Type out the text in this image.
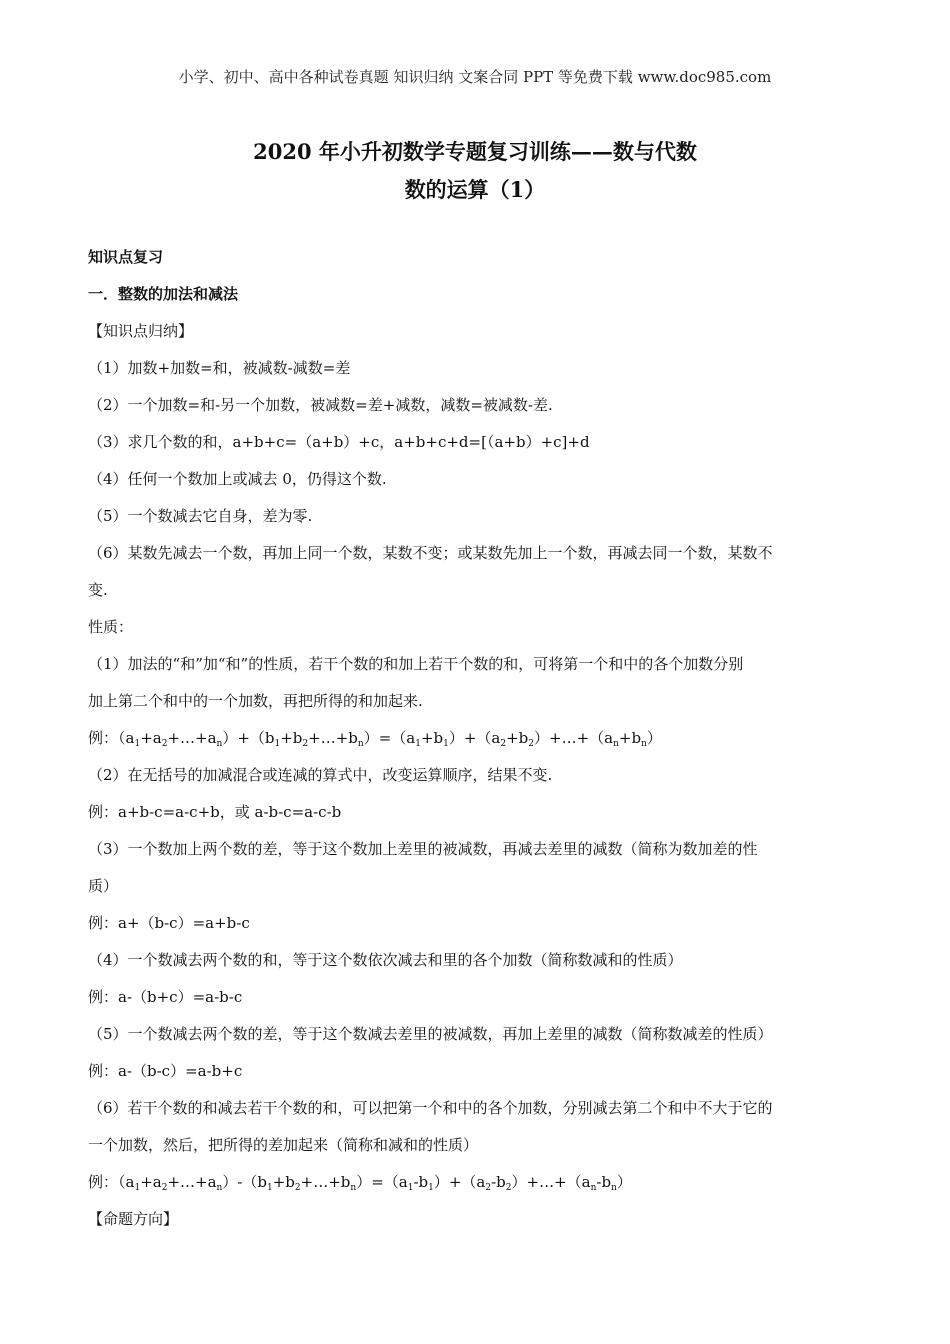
小学、初中、高中各种试卷真题 知识归纳 文案合同 PPT 等免费下载 www.doc985.com
2020 年小升初数学专题复习训练——数与代数
数的运算（1）
知识点复习
一．整数的加法和减法
【知识点归纳】
（1）加数+加数=和，被减数-减数=差
（2）一个加数=和-另一个加数，被减数=差+减数，减数=被减数-差.
（3）求几个数的和，a+b+c=（a+b）+c，a+b+c+d=[（a+b）+c]+d
（4）任何一个数加上或减去 0，仍得这个数.
（5）一个数减去它自身，差为零.
（6）某数先减去一个数，再加上同一个数，某数不变；或某数先加上一个数，再减去同一个数，某数不
变.
性质：
（1）加法的“和”加“和”的性质，若干个数的和加上若干个数的和，可将第一个和中的各个加数分别
加上第二个和中的一个加数，再把所得的和加起来.
例：$(a_1+a_2+\dots+a_n)+(b_1+b_2+\dots+b_n)=(a_1+b_1)+(a_2+b_2)+\dots+(a_n+b_n)$
（2）在无括号的加减混合或连减的算式中，改变运算顺序，结果不变.
例：a+b-c=a-c+b，或 a-b-c=a-c-b
（3）一个数加上两个数的差，等于这个数加上差里的被减数，再减去差里的减数（简称为数加差的性
质）
例：a+（b-c）=a+b-c
（4）一个数减去两个数的和，等于这个数依次减去和里的各个加数（简称数减和的性质）
例：a-（b+c）=a-b-c
（5）一个数减去两个数的差，等于这个数减去差里的被减数，再加上差里的减数（简称数减差的性质）
例：a-（b-c）=a-b+c
（6）若干个数的和减去若干个数的和，可以把第一个和中的各个加数，分别减去第二个和中不大于它的
一个加数，然后，把所得的差加起来（简称和减和的性质）
例：$(a_1+a_2+\dots+a_n)-(b_1+b_2+\dots+b_n)=(a_1-b_1)+(a_2-b_2)+\dots+(a_n-b_n)$
【命题方向】
